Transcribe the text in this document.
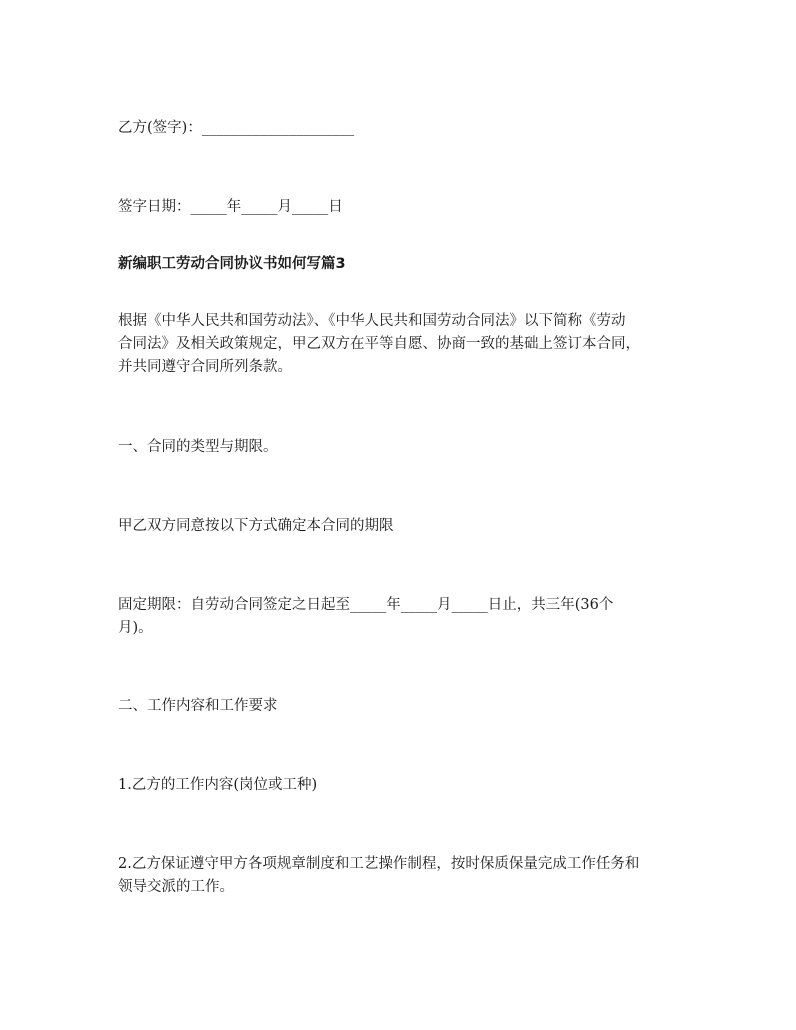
乙方(签字)：_____________________
签字日期：_____年_____月_____日
新编职工劳动合同协议书如何写篇3
根据《中华人民共和国劳动法》、《中华人民共和国劳动合同法》以下简称《劳动
合同法》及相关政策规定，甲乙双方在平等自愿、协商一致的基础上签订本合同，
并共同遵守合同所列条款。
一、合同的类型与期限。
甲乙双方同意按以下方式确定本合同的期限
固定期限：自劳动合同签定之日起至_____年_____月_____日止，共三年(36个
月)。
二、工作内容和工作要求
1.乙方的工作内容(岗位或工种)
2.乙方保证遵守甲方各项规章制度和工艺操作制程，按时保质保量完成工作任务和
领导交派的工作。
